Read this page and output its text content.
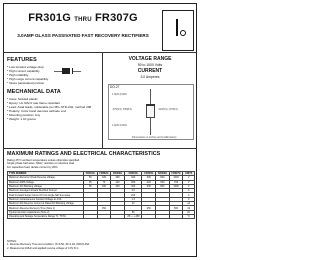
FR301G THRU FR307G
3.0AMP GLASS PASSIVATED FAST RECOVERY RECTIFIERS
FEATURES
* Low forward voltage drop
* High current capability
* High reliability
* High surge current capability
* Glass passivated junction
MECHANICAL DATA
* Case: Molded plastic
* Epoxy: UL 94V-0 rate flame retardant
* Lead: Axial leads, solderable per MIL-STD-202, method 208
* Polarity: Color band denotes cathode end
* Mounting position: Any
* Weight: 1.10 grams
VOLTAGE RANGE
50 to 1000 Volts
CURRENT
3.0 Amperes
DO-27
1.0(25.4) MIN.
.375(9.5) .335(8.5)	.220(5.6) .197(5.0)
1.0(25.4) MIN.
Dimensions in inches and (millimeters)
MAXIMUM RATINGS AND ELECTRICAL CHARACTERISTICS
Rating 25°C ambient temperature unless otherwise specified.
Single phase half wave, 60Hz, resistive or inductive load.
For capacitive load, derate current by 20%.
TYPE NUMBER	FR301G	FR302G	FR303G	FR304G	FR305G	FR306G	FR307G	UNITS
Maximum Recurrent Peak Reverse Voltage	50	100	200	400	600	800	1000	V
Maximum RMS Voltage	35	70	140	280	420	560	700	V
Maximum DC Blocking Voltage	50	100	200	400	600	800	1000	V
Maximum Average Forward Rectified Current				3.0				A
Peak Forward Surge Current 8.3 ms single half sine-wave				200				A
Maximum Instantaneous Forward Voltage at 3.0A				1.3				V
Maximum DC Reverse Current at Rated DC Blocking Voltage				10				uA
Maximum Reverse Recovery Time (Note 1)		150			250		500	nS
Typical Junction Capacitance (Note 2)				50				pF
Operating and Storage Temperature Range TJ, TSTG				-65 — +150				°C
NOTES:
1. Reverse Recovery Time test condition: IF=0.5A, IR=1.0A, IRR=0.25A
2. Measured at 1MHz and applied reverse voltage of 4.0V D.C.
